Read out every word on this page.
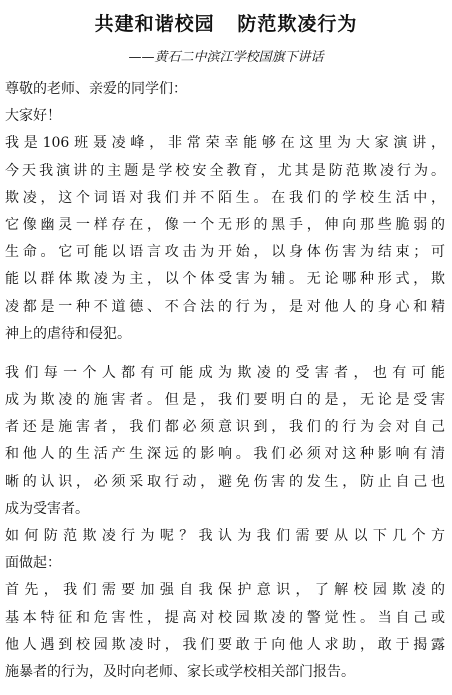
共建和谐校园   防范欺凌行为
——黄石二中滨江学校国旗下讲话
尊敬的老师、亲爱的同学们：
大家好！
我是106班聂凌峰，非常荣幸能够在这里为大家演讲，
今天我演讲的主题是学校安全教育，尤其是防范欺凌行为。
欺凌，这个词语对我们并不陌生。在我们的学校生活中，
它像幽灵一样存在，像一个无形的黑手，伸向那些脆弱的
生命。它可能以语言攻击为开始，以身体伤害为结束；可
能以群体欺凌为主，以个体受害为辅。无论哪种形式，欺
凌都是一种不道德、不合法的行为，是对他人的身心和精
神上的虐待和侵犯。
我们每一个人都有可能成为欺凌的受害者，也有可能
成为欺凌的施害者。但是，我们要明白的是，无论是受害
者还是施害者，我们都必须意识到，我们的行为会对自己
和他人的生活产生深远的影响。我们必须对这种影响有清
晰的认识，必须采取行动，避免伤害的发生，防止自己也
成为受害者。
如何防范欺凌行为呢？我认为我们需要从以下几个方
面做起：
首先，我们需要加强自我保护意识，了解校园欺凌的
基本特征和危害性，提高对校园欺凌的警觉性。当自己或
他人遇到校园欺凌时，我们要敢于向他人求助，敢于揭露
施暴者的行为，及时向老师、家长或学校相关部门报告。
